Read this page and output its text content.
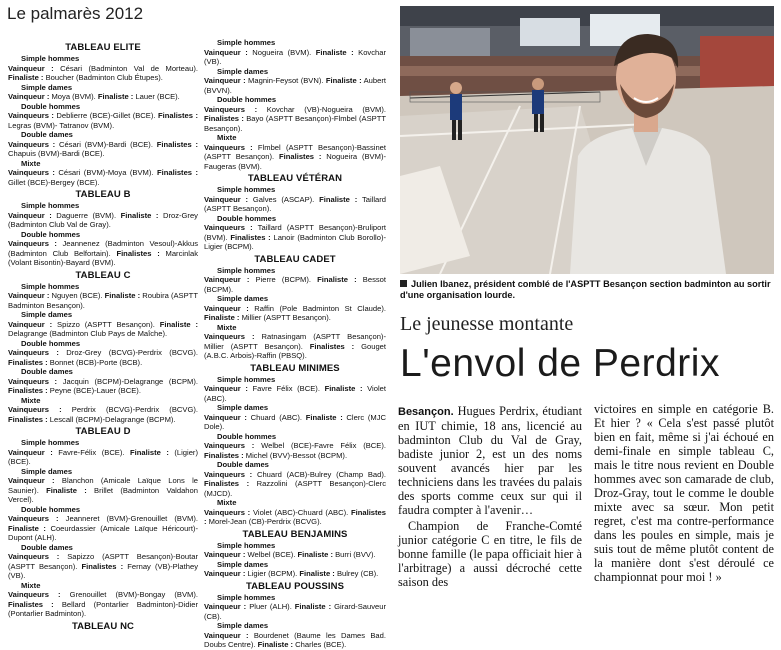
Le palmarès 2012
TABLEAU ELITE
Simple hommes
Vainqueur : Césari (Badminton Val de Morteau). Finaliste : Boucher (Badminton Club Étupes).
Simple dames
Vainqueur : Moya (BVM). Finaliste : Lauer (BCE).
Double hommes
Vainqueurs : Deblierre (BCE)-Gillet (BCE). Finalistes : Legras (BVM)- Tatranov (BVM).
Double dames
Vainqueurs : Césari (BVM)-Bardi (BCE). Finalistes : Chapuis (BVM)-Bardi (BCE).
Mixte
Vainqueurs : Césari (BVM)-Moya (BVM). Finalistes : Gillet (BCE)-Bergey (BCE).
TABLEAU B
Simple hommes
Vainqueur : Daguerre (BVM). Finaliste : Droz-Grey (Badminton Club Val de Gray).
Double hommes
Vainqueurs : Jeannenez (Badminton Vesoul)-Akkus (Badminton Club Belfortain). Finalistes : Marcinlak (Volant Bisontin)-Bayard (BVM).
TABLEAU C
Simple hommes
Vainqueur : Nguyen (BCE). Finaliste : Roubira (ASPTT Badminton Besançon).
Simple dames
Vainqueur : Spizzo (ASPTT Besançon). Finaliste : Delagrange (Badminton Club Pays de Maîche).
Double hommes
Vainqueurs : Droz-Grey (BCVG)-Perdrix (BCVG). Finalistes : Bonnet (BCB)-Porte (BCB).
Double dames
Vainqueurs : Jacquin (BCPM)-Delagrange (BCPM). Finalistes : Peyne (BCE)-Lauer (BCE).
Mixte
Vainqueurs : Perdrix (BCVG)-Perdrix (BCVG). Finalistes : Lescall (BCPM)-Delagrange (BCPM).
TABLEAU D
Simple hommes
Vainqueur : Favre-Félix (BCE). Finaliste : (Ligier) (BCE).
Simple dames
Vainqueur : Blanchon (Amicale Laïque Lons le Saunier). Finaliste : Brillet (Badminton Valdahon Vercel).
Double hommes
Vainqueurs : Jeanneret (BVM)-Grenouillet (BVM). Finaliste : Coeurdassier (Amicale Laïque Héricourt)-Dupont (ALH).
Double dames
Vainqueurs : Sapizzo (ASPTT Besançon)-Boutar (ASPTT Besançon). Finalistes : Fernay (VB)-Plathey (VB).
Mixte
Vainqueurs : Grenouillet (BVM)-Bongay (BVM). Finalistes : Bellard (Pontarlier Badminton)-Didier (Pontarlier Badminton).
TABLEAU NC
Simple hommes
Vainqueur : Nogueira (BVM). Finaliste : Kovchar (VB).
Simple dames
Vainqueur : Magnin-Feysot (BVN). Finaliste : Aubert (BVVN).
Double hommes
Vainqueurs : Kovchar (VB)-Nogueira (BVM). Finalistes : Bayo (ASPTT Besançon)-Flmbel (ASPTT Besançon).
Mixte
Vainqueurs : Flmbel (ASPTT Besançon)-Bassinet (ASPTT Besançon). Finalistes : Nogueira (BVM)-Faugeras (BVM).
TABLEAU VÉTÉRAN
Simple hommes
Vainqueur : Galves (ASCAP). Finaliste : Taillard (ASPTT Besançon).
Double hommes
Vainqueurs : Taillard (ASPTT Besançon)-Bruliport (BVM). Finalistes : Lanoir (Badminton Club Borollo)-Ligier (BCPM).
TABLEAU CADET
Simple hommes
Vainqueur : Pierre (BCPM). Finaliste : Bessot (BCPM).
Simple dames
Vainqueur : Raffin (Pole Badminton St Claude). Finaliste : Millier (ASPTT Besançon).
Mixte
Vainqueurs : Ratnasingam (ASPTT Besançon)-Millier (ASPTT Besançon). Finalistes : Gouget (A.B.C. Arbois)-Raffin (PBSQ).
TABLEAU MINIMES
Simple hommes
Vainqueur : Favre Félix (BCE). Finaliste : Violet (ABC).
Simple dames
Vainqueur : Chuard (ABC). Finaliste : Clerc (MJC Dole).
Double hommes
Vainqueurs : Welbel (BCE)-Favre Félix (BCE). Finalistes : Michel (BVV)-Bessot (BCPM).
Double dames
Vainqueurs : Chuard (ACB)-Bulrey (Champ Bad). Finalistes : Razzolini (ASPTT Besançon)-Clerc (MJCD).
Mixte
Vainqueurs : Violet (ABC)-Chuard (ABC). Finalistes : Morel-Jean (CB)-Perdrix (BCVG).
TABLEAU BENJAMINS
Simple hommes
Vainqueur : Welbel (BCE). Finaliste : Burri (BVV).
Simple dames
Vainqueur : Ligier (BCPM). Finaliste : Bulrey (CB).
TABLEAU POUSSINS
Simple hommes
Vainqueur : Pluer (ALH). Finaliste : Girard-Sauveur (CB).
Simple dames
Vainqueur : Bourdenet (Baume les Dames Bad. Doubs Centre). Finaliste : Charles (BCE).
Julien Ibanez, président comblé de l'ASPTT Besançon section badminton au sortir d'une organisation lourde.
Le jeunesse montante
L'envol de Perdrix

Besançon. Hugues Perdrix, étudiant en IUT chimie, 18 ans, licencié au badminton Club du Val de Gray, badiste junior 2, est un des noms souvent avancés hier par les techniciens dans les travées du palais des sports comme ceux sur qui il faudra compter à l'avenir…

Champion de Franche-Comté junior catégorie C en titre, le fils de bonne famille (le papa officiait hier à l'arbitrage) a aussi décroché cette saison des

victoires en simple en catégorie B. Et hier ? « Cela s'est passé plutôt bien en fait, même si j'ai échoué en demi-finale en simple tableau C, mais le titre nous revient en Double hommes avec son camarade de club, Droz-Gray, tout le comme le double mixte avec sa sœur. Mon petit regret, c'est ma contre-performance dans les poules en simple, mais je suis tout de même plutôt content de la manière dont s'est déroulé ce championnat pour moi ! »
